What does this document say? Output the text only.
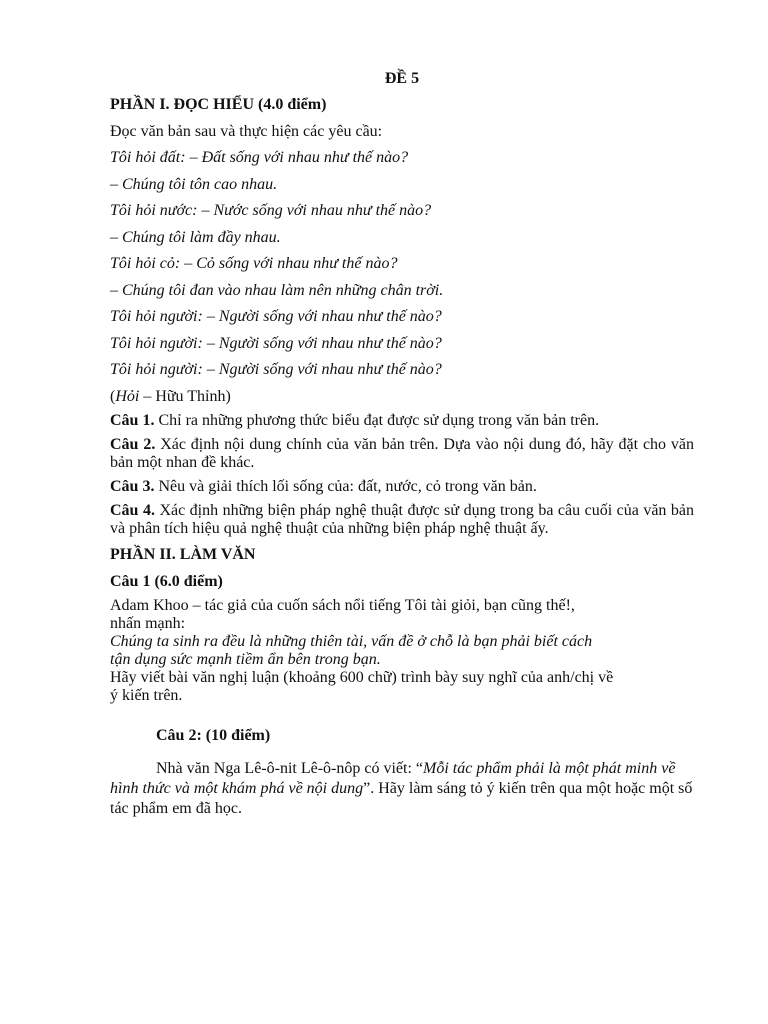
ĐỀ 5
PHẦN I. ĐỌC HIỂU (4.0 điểm)
Đọc văn bản sau và thực hiện các yêu cầu:
Tôi hỏi đất: – Đất sống với nhau như thế nào?
– Chúng tôi tôn cao nhau.
Tôi hỏi nước: – Nước sống với nhau như thế nào?
– Chúng tôi làm đầy nhau.
Tôi hỏi cỏ: – Cỏ sống với nhau như thế nào?
– Chúng tôi đan vào nhau làm nên những chân trời.
Tôi hỏi người: – Người sống với nhau như thế nào?
Tôi hỏi người: – Người sống với nhau như thế nào?
Tôi hỏi người: – Người sống với nhau như thế nào?
(Hỏi – Hữu Thỉnh)
Câu 1. Chỉ ra những phương thức biểu đạt được sử dụng trong văn bản trên.
Câu 2. Xác định nội dung chính của văn bản trên. Dựa vào nội dung đó, hãy đặt cho văn bản một nhan đề khác.
Câu 3. Nêu và giải thích lối sống của: đất, nước, cỏ trong văn bản.
Câu 4. Xác định những biện pháp nghệ thuật được sử dụng trong ba câu cuối của văn bản và phân tích hiệu quả nghệ thuật của những biện pháp nghệ thuật ấy.
PHẦN II. LÀM VĂN
Câu 1 (6.0 điểm)
Adam Khoo – tác giả của cuốn sách nổi tiếng Tôi tài giỏi, bạn cũng thế!,
nhấn mạnh:
Chúng ta sinh ra đều là những thiên tài, vấn đề ở chỗ là bạn phải biết cách
tận dụng sức mạnh tiềm ẩn bên trong bạn.
Hãy viết bài văn nghị luận (khoảng 600 chữ) trình bày suy nghĩ của anh/chị về
ý kiến trên.
Câu 2: (10 điểm)
Nhà văn Nga Lê-ô-nit Lê-ô-nôp có viết: “Mỗi tác phẩm phải là một phát minh về hình thức và một khám phá về nội dung”. Hãy làm sáng tỏ ý kiến trên qua một hoặc một số tác phẩm em đã học.
